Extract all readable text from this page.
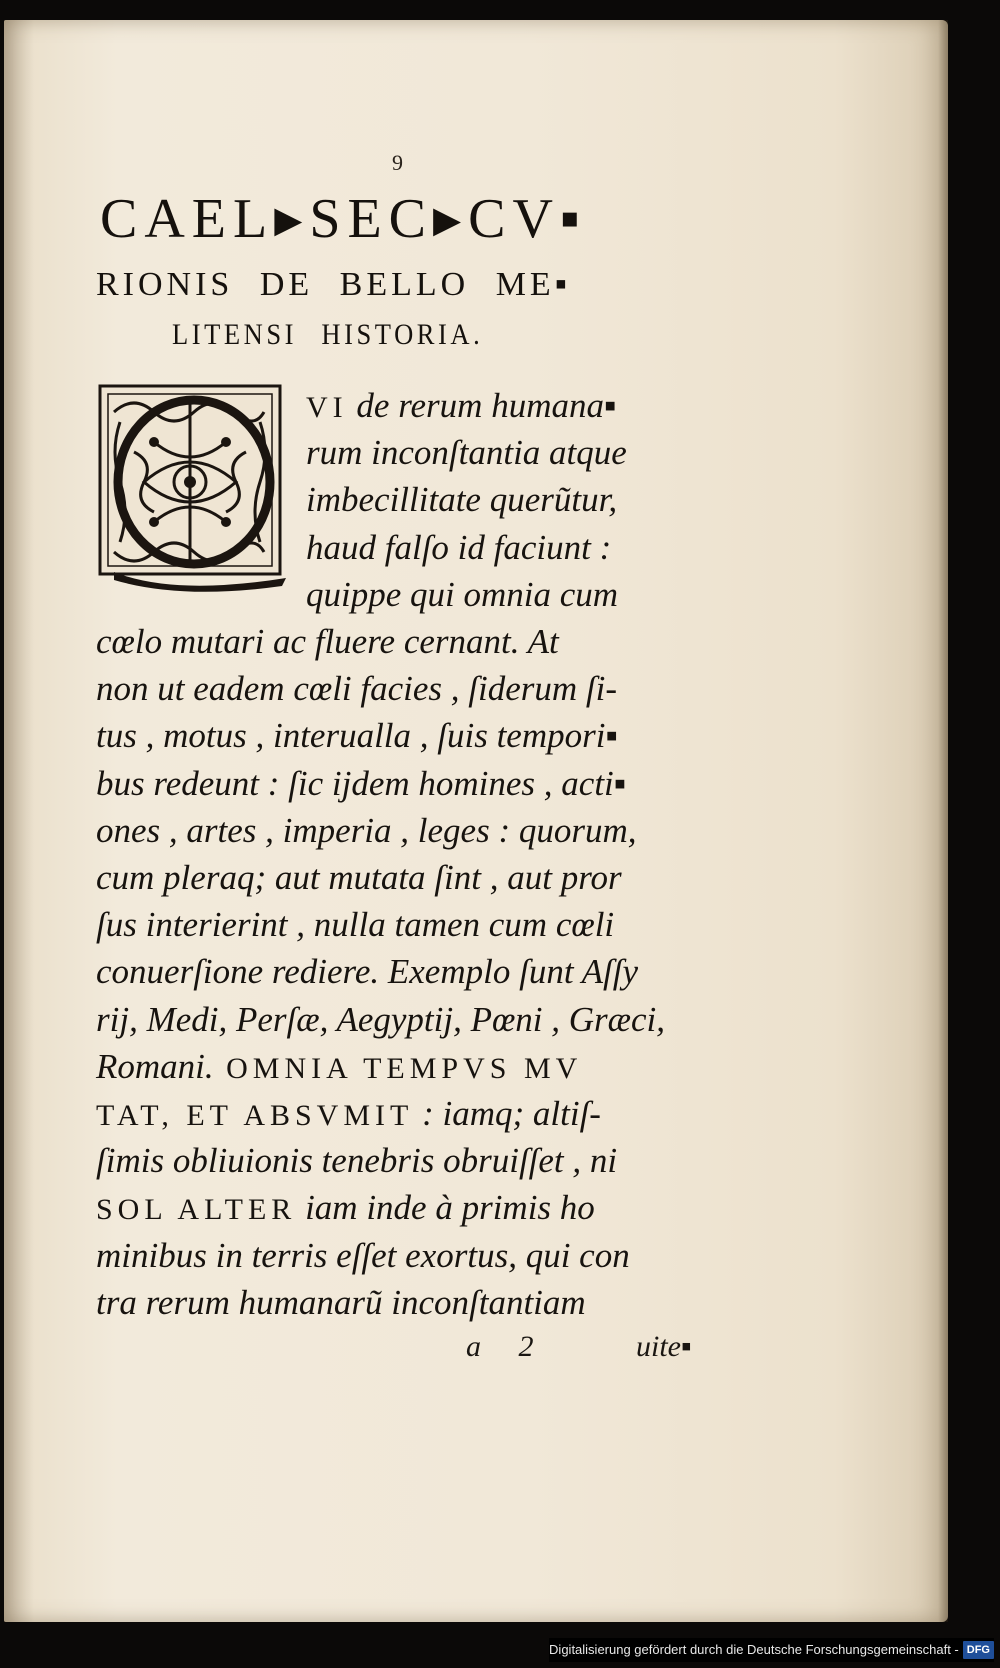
9
CAEL▸SEC▸CV▪
RIONIS DE BELLO ME▪
LITENSI HISTORIA.
VI de rerum humana▪
rum inconſtantia atque
imbecillitate querũtur,
haud falſo id faciunt :
quippe qui omnia cum
cœlo mutari ac fluere cernant. At
non ut eadem cœli facies , ſiderum ſi-
tus , motus , interualla , ſuis tempori▪
bus redeunt : ſic ijdem homines , acti▪
ones , artes , imperia , leges : quorum,
cum pleraq; aut mutata ſint , aut pror
ſus interierint , nulla tamen cum cœli
conuerſione rediere. Exemplo ſunt Aſſy
rij, Medi, Perſæ, Aegyptij, Pœni , Græci,
Romani. OMNIA TEMPVS MV
TAT, ET ABSVMIT : iamq; altiſ-
ſimis obliuionis tenebris obruiſſet , ni
SOL ALTER iam inde à primis ho
minibus in terris eſſet exortus, qui con
tra rerum humanarũ inconſtantiam
a 2	uite▪
Digitalisierung gefördert durch die Deutsche Forschungsgemeinschaft - DFG
